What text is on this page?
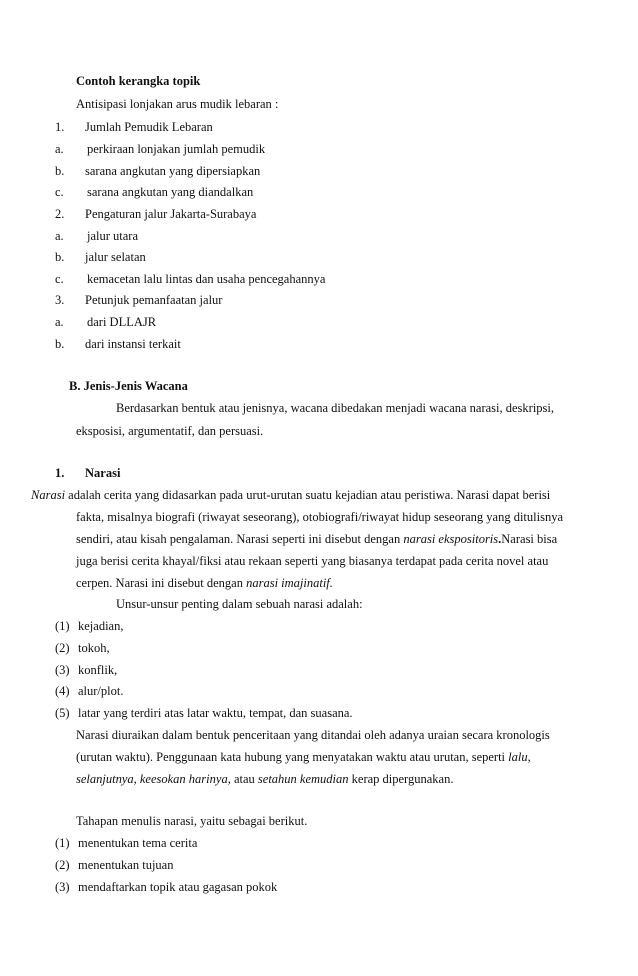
Contoh kerangka topik
Antisipasi lonjakan arus mudik lebaran :
1. Jumlah Pemudik Lebaran
a. perkiraan lonjakan jumlah pemudik
b. sarana angkutan yang dipersiapkan
c. sarana angkutan yang diandalkan
2. Pengaturan jalur Jakarta-Surabaya
a. jalur utara
b. jalur selatan
c. kemacetan lalu lintas dan usaha pencegahannya
3. Petunjuk pemanfaatan jalur
a. dari DLLAJR
b. dari instansi terkait
B. Jenis-Jenis Wacana
Berdasarkan bentuk atau jenisnya, wacana dibedakan menjadi wacana narasi, deskripsi,
eksposisi, argumentatif, dan persuasi.
1. Narasi
Narasi adalah cerita yang didasarkan pada urut-urutan suatu kejadian atau peristiwa. Narasi dapat berisi
fakta, misalnya biografi (riwayat seseorang), otobiografi/riwayat hidup seseorang yang ditulisnya
sendiri, atau kisah pengalaman. Narasi seperti ini disebut dengan narasi ekspositoris.Narasi bisa
juga berisi cerita khayal/fiksi atau rekaan seperti yang biasanya terdapat pada cerita novel atau
cerpen. Narasi ini disebut dengan narasi imajinatif.
Unsur-unsur penting dalam sebuah narasi adalah:
(1) kejadian,
(2) tokoh,
(3) konflik,
(4) alur/plot.
(5) latar yang terdiri atas latar waktu, tempat, dan suasana.
Narasi diuraikan dalam bentuk penceritaan yang ditandai oleh adanya uraian secara kronologis
(urutan waktu). Penggunaan kata hubung yang menyatakan waktu atau urutan, seperti lalu,
selanjutnya, keesokan harinya, atau setahun kemudian kerap dipergunakan.
Tahapan menulis narasi, yaitu sebagai berikut.
(1) menentukan tema cerita
(2) menentukan tujuan
(3) mendaftarkan topik atau gagasan pokok
